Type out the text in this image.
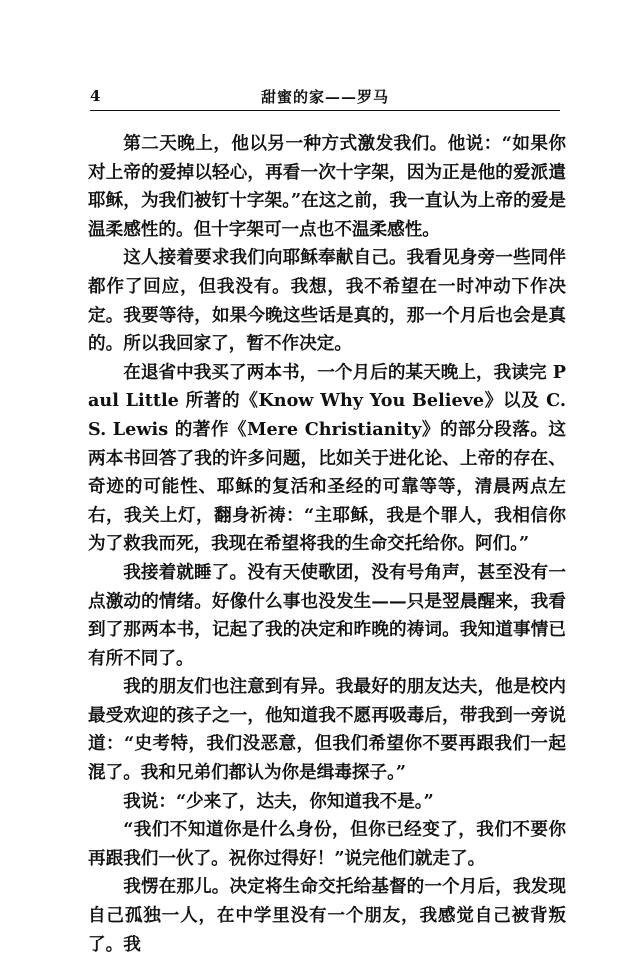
4	甜蜜的家——罗马

第二天晚上，他以另一种方式激发我们。他说：“如果你对上帝的爱掉以轻心，再看一次十字架，因为正是他的爱派遣耶稣，为我们被钉十字架。”在这之前，我一直认为上帝的爱是温柔感性的。但十字架可一点也不温柔感性。

这人接着要求我们向耶稣奉献自己。我看见身旁一些同伴都作了回应，但我没有。我想，我不希望在一时冲动下作决定。我要等待，如果今晚这些话是真的，那一个月后也会是真的。所以我回家了，暂不作决定。

在退省中我买了两本书，一个月后的某天晚上，我读完 Paul Little 所著的《Know Why You Believe》以及 C. S. Lewis 的著作《Mere Christianity》的部分段落。这两本书回答了我的许多问题，比如关于进化论、上帝的存在、奇迹的可能性、耶稣的复活和圣经的可靠等等，清晨两点左右，我关上灯，翻身祈祷：“主耶稣，我是个罪人，我相信你为了救我而死，我现在希望将我的生命交托给你。阿们。”

我接着就睡了。没有天使歌团，没有号角声，甚至没有一点激动的情绪。好像什么事也没发生——只是翌晨醒来，我看到了那两本书，记起了我的决定和昨晚的祷词。我知道事情已有所不同了。

我的朋友们也注意到有异。我最好的朋友达夫，他是校内最受欢迎的孩子之一，他知道我不愿再吸毒后，带我到一旁说道：“史考特，我们没恶意，但我们希望你不要再跟我们一起混了。我和兄弟们都认为你是缉毒探子。”

我说：“少来了，达夫，你知道我不是。”

“我们不知道你是什么身份，但你已经变了，我们不要你再跟我们一伙了。祝你过得好！”说完他们就走了。

我愣在那儿。决定将生命交托给基督的一个月后，我发现自己孤独一人，在中学里没有一个朋友，我感觉自己被背叛了。我
